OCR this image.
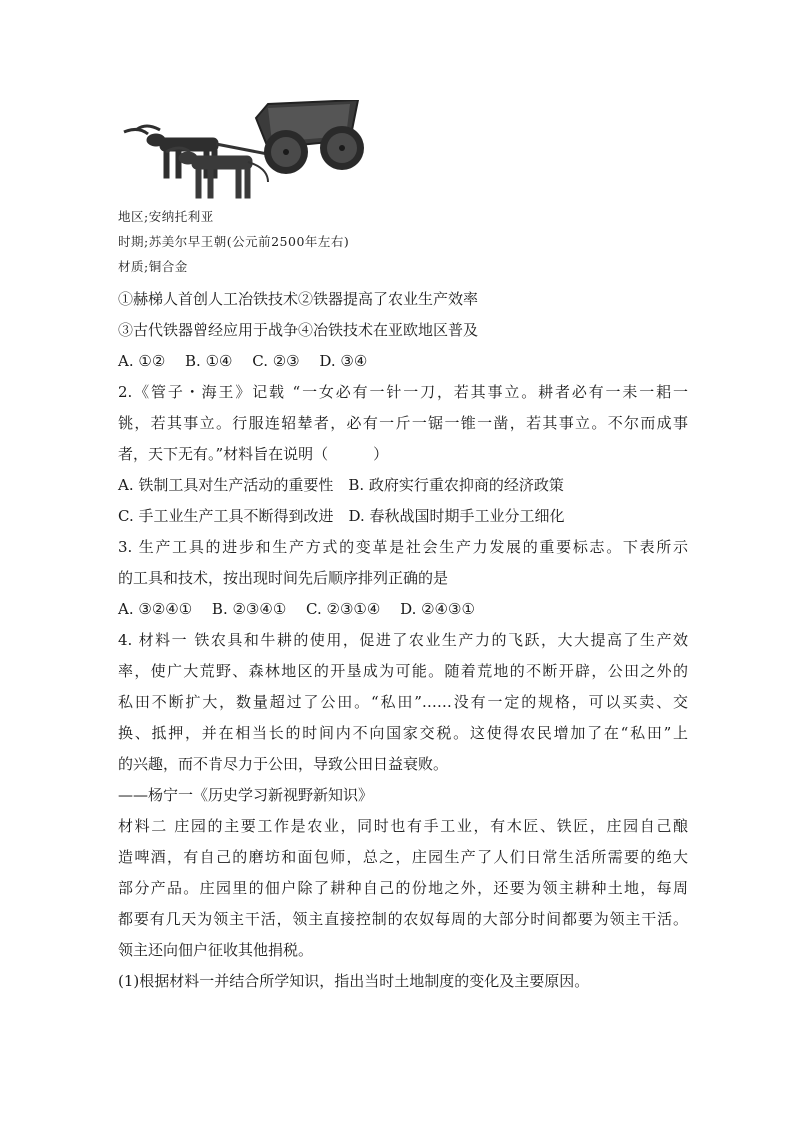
地区;安纳托利亚
时期;苏美尔早王朝(公元前2500年左右)
材质;铜合金
①赫梯人首创人工冶铁技术②铁器提高了农业生产效率
③古代铁器曾经应用于战争④冶铁技术在亚欧地区普及
A. ①②　 B. ①④　 C. ②③　 D. ③④
2.《管子・海王》记载 “一女必有一针一刀，若其事立。耕者必有一耒一耜一
铫，若其事立。行服连轺辇者，必有一斤一锯一锥一凿，若其事立。不尔而成事
者，天下无有。”材料旨在说明（　　　）
A. 铁制工具对生产活动的重要性　B. 政府实行重农抑商的经济政策
C. 手工业生产工具不断得到改进　D. 春秋战国时期手工业分工细化
3. 生产工具的进步和生产方式的变革是社会生产力发展的重要标志。下表所示
的工具和技术，按出现时间先后顺序排列正确的是
A. ③②④①　 B. ②③④①　 C. ②③①④　 D. ②④③①
4. 材料一 铁农具和牛耕的使用，促进了农业生产力的飞跃，大大提高了生产效
率，使广大荒野、森林地区的开垦成为可能。随着荒地的不断开辟，公田之外的
私田不断扩大，数量超过了公田。“私田”……没有一定的规格，可以买卖、交
换、抵押，并在相当长的时间内不向国家交税。这使得农民增加了在“私田”上
的兴趣，而不肯尽力于公田，导致公田日益衰败。
——杨宁一《历史学习新视野新知识》
材料二 庄园的主要工作是农业，同时也有手工业，有木匠、铁匠，庄园自己酿
造啤酒，有自己的磨坊和面包师，总之，庄园生产了人们日常生活所需要的绝大
部分产品。庄园里的佃户除了耕种自己的份地之外，还要为领主耕种土地，每周
都要有几天为领主干活，领主直接控制的农奴每周的大部分时间都要为领主干活。
领主还向佃户征收其他捐税。
(1)根据材料一并结合所学知识，指出当时土地制度的变化及主要原因。
